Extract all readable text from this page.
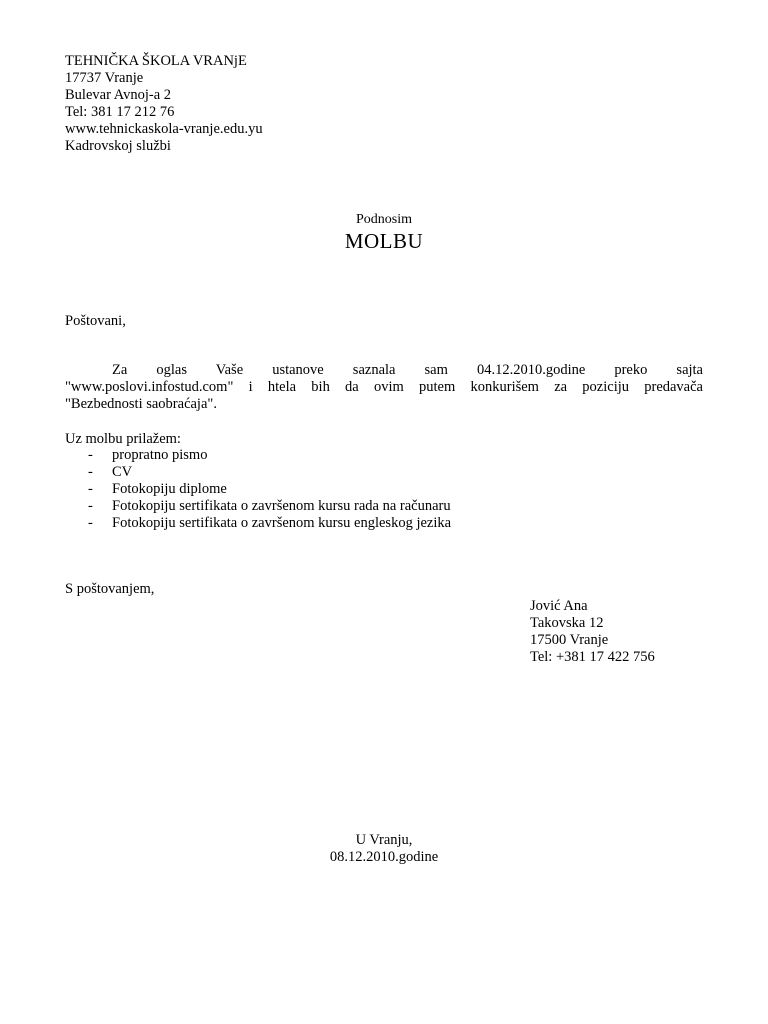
TEHNIČKA ŠKOLA VRANjE
17737 Vranje
Bulevar Avnoj-a 2
Tel: 381 17 212 76
www.tehnickaskola-vranje.edu.yu
Kadrovskoj službi
Podnosim
MOLBU
Poštovani,
Za oglas Vaše ustanove saznala sam 04.12.2010.godine preko sajta
"www.poslovi.infostud.com" i htela bih da ovim putem konkurišem za poziciju predavača
"Bezbednosti saobraćaja".
Uz molbu prilažem:
- propratno pismo
- CV
- Fotokopiju diplome
- Fotokopiju sertifikata o završenom kursu rada na računaru
- Fotokopiju sertifikata o završenom kursu engleskog jezika
S poštovanjem,
Jović Ana
Takovska 12
17500 Vranje
Tel: +381 17 422 756
U Vranju,
08.12.2010.godine
